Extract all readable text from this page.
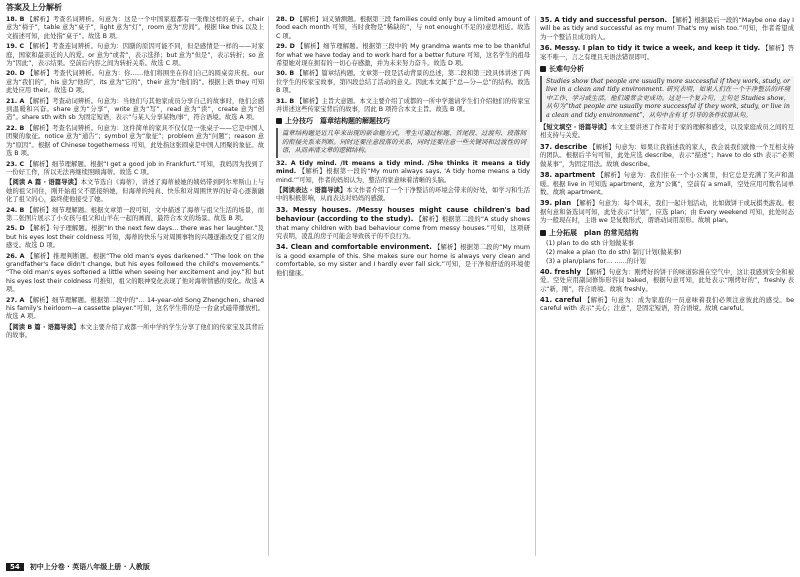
答案及上分解析

18. B 【解析】考查名词辨析。句意为：这是一个中国家庭都有一张像这样的桌子。chair 意为“椅子”，table 意为“桌子”，light 意为“灯”，room 意为“房间”。根据 like this 以及上文描述可知，此处指“桌子”。故选 B 项。

19. C 【解析】考查连词辨析。句意为：因膳的原因可能不同，但是感情是一样的——对家庭，国家和最亲近的人的爱。or 意为“或者”，表示选择；but 意为“但是”，表示转折；so 意为“因此”，表示结果。空前后内容之间为转折关系。故选 C 项。

20. D 【解析】考查代词辨析。句意为：你……他们将围坐在你们自己的圆桌旁庆祝。our 意为“我们的”，his 意为“他的”，its 意为“它的”，their 意为“他们的”。根据上语 they 可知此处应用 their。故选 D 项。

21. A 【解析】考查动词辨析。句意为：当他们与其他家成员分享自己的故事时，他们会感到温暖和兴奋。share 意为“分享”，write 意为“写”，read 意为“读”，create 意为“创造”。share sth with sb 为固定短语，表示“与某人分享某物/事”，符合语境。故选 A 项。

22. B 【解析】考查名词辨析。句意为：这件简单的家具不仅仅是一张桌子——它是中国人团聚的象征。notice 意为“通告”；symbol 意为“象征”；problem 意为“问题”；reason 意为“原因”。根据 of Chinese togetherness 可知，此处指这张圆桌是中国人团聚的象征。故选 B 项。

23. C 【解析】细节理解题。根据“I get a good job in Frankfurt.”可知，我妈因为找到了一份好工作，所以无法再继续照顾海蒂。故选 C 项。

【阅读 A 篇 · 语篇导读】本文节选自《海蒂》，讲述了海蒂被她的姨妈带到阿尔卑斯山上与她的祖父同住，刚开始祖父不愿接纳她，但海蒂的纯真、快乐和对周围世界的好奇心逐渐融化了祖父的心，最终使他接受了她。

24. B 【解析】细节理解题。根据文章第一段可知，文中描述了海蒂与祖父生活的场景，而第二张图片展示了小女孩与祖父和山羊在一起的画面，最符合本文的场景。故选 B 项。

25. D 【解析】句子理解题。根据“In the next few days… there was her laughter.”及 but his eyes lost their coldness 可知，海蒂的快乐与对周围事物的兴趣逐渐改变了祖父的感受。故选 D 项。

26. A 【解析】推理判断题。根据“The old man's eyes darkened.” “The look on the grandfather's face didn't change, but his eyes followed the child's movements.” “The old man's eyes softened a little when seeing her excitement and joy.”和 but his eyes lost their coldness 可推知，祖父的眼神变化表现了他对海蒂情感的变化。故选 A 项。

27. A 【解析】细节理解题。根据第二段中的“… 14-year-old Song Zhengchen, shared his family's heirloom—a cassette player.”可知，这名学生带的是一台盒式磁带播放机。故选 A 项。

【阅读 B 篇 · 语篇导读】本文主要介绍了成都一所中学的学生分享了他们的传家宝及其背后的故事。

28. D 【解析】词义猜测题。根据第三段 families could only buy a limited amount of food each month 可知，当时食物是“稀缺的”，与 not enough(不足的)意思相近。故选 C 项。

29. D 【解析】细节理解题。根据第三段中的 My grandma wants me to be thankful for what we have today and to work hard for a better future 可知，这名学生的祖母希望她对现在拥有的一切心存感激，并为未来努力奋斗。故选 D 项。

30. B 【解析】篇章结构题。文章第一段是活动背景的总述，第二段和第三段具体讲述了两位学生的传家宝故事，第四段总结了活动的意义。因此本文属于“总—分—总”的结构。故选 B 项。

31. B 【解析】主旨大意题。本文主要介绍了成都的一所中学邀请学生们介绍他们的传家宝并讲述这些传家宝背后的故事，因此 B 项符合本文主旨。故选 B 项。

上分技巧　篇章结构题的解题技巧
篇章结构题是近几年来出现的新命题方式，考生可通过标题、首尾段、过渡句、段落间的衔接关系来判断。同时还要注意段落的关系，同时还要注意一些关键词和过渡性的词语，从而弄清文章的逻辑结构。

32. A tidy mind. /It means a tidy mind. /She thinks it means a tidy mind. 【解析】根据第一段的“My mum always says, ‘A tidy home means a tidy mind.’”可知，作者的妈妈认为，整洁的家意味着清晰的头脑。

【阅读表达 · 语篇导读】本文作者介绍了一个干净整洁的环境会带来的好处，如学习和生活中的积极影响，从而表达对妈妈的感激。

33. Messy houses. /Messy houses might cause children's bad behaviour (according to the study). 【解析】根据第二段的“A study shows that many children with bad behaviour come from messy houses.”可知，这项研究表明，凌乱的房子可能会导致孩子的不良行为。

34. Clean and comfortable environment. 【解析】根据第二段的“My mum is a good example of this. She makes sure our home is always very clean and comfortable, so my sister and I hardly ever fall sick.”可知，是干净和舒适的环境使他们健康。

35. A tidy and successful person. 【解析】根据最后一段的“Maybe one day I will be as tidy and successful as my mum! That's my wish too.”可知，作者希望成为一个整洁且成功的人。

36. Messy. I plan to tidy it twice a week, and keep it tidy. 【解析】答案不唯一，言之有理且无语法错误即可。

长难句分析
Studies show that people are usually more successful if they work, study, or live in a clean and tidy environment. 研究表明，如果人们在一个干净整洁的环境中工作、学习或生活，他们通常会更成功。这是一个复合句，主句是 Studies show，从句为“that people are usually more successful if they work, study, or live in a clean and tidy environment”，从句中含有 if 引导的条件状语从句。

【短文填空 · 语篇导读】本文主要讲述了作者对于家的理解和感受，以及家庭成员之间的互相支持与关爱。

37. describe 【解析】句意为：如果让我描述我的家人，我会说我们就像一个互相支持的团队。根据后半句可知，此处应选 describe，表示“描述”；have to do sth 表示“必须做某事”，为固定用法。故填 describe。

38. apartment 【解析】句意为：我们住在一个小公寓里，但它总是充满了笑声和温暖。根据 live in 可知选 apartment，意为“公寓”，空前有 a small，空处应用可数名词单数。故填 apartment。

39. plan 【解析】句意为：每个周末，我们一起计划活动，比如做饼干或玩棋类游戏。根据句意和备选词可知，此处表示“计划”，应选 plan；由 Every weekend 可知，此处时态为一般现在时，主语 we 是复数形式，谓语动词用原形。故填 plan。

上分拓展　plan 的常见结构

(1) plan to do sth 计划做某事

(2) make a plan (to do sth) 制订计划(做某事)

(3) a plan/plans for… ……的计划

40. freshly 【解析】句意为：刚烤好的饼干的味道弥漫在空气中，这让我感到安全和被爱。空处应用副词修饰形容词 baked，根据句意可知，此处表示“刚烤好的”，freshly 表示“新，刚”，符合语境。故填 freshly。

41. careful 【解析】句意为：成为家庭的一员意味着我们必须注意彼此的感受。be careful with 表示“关心；注意”，是固定短语，符合语境。故填 careful。

54	初中上分卷 · 英语八年级上册 · 人教版
